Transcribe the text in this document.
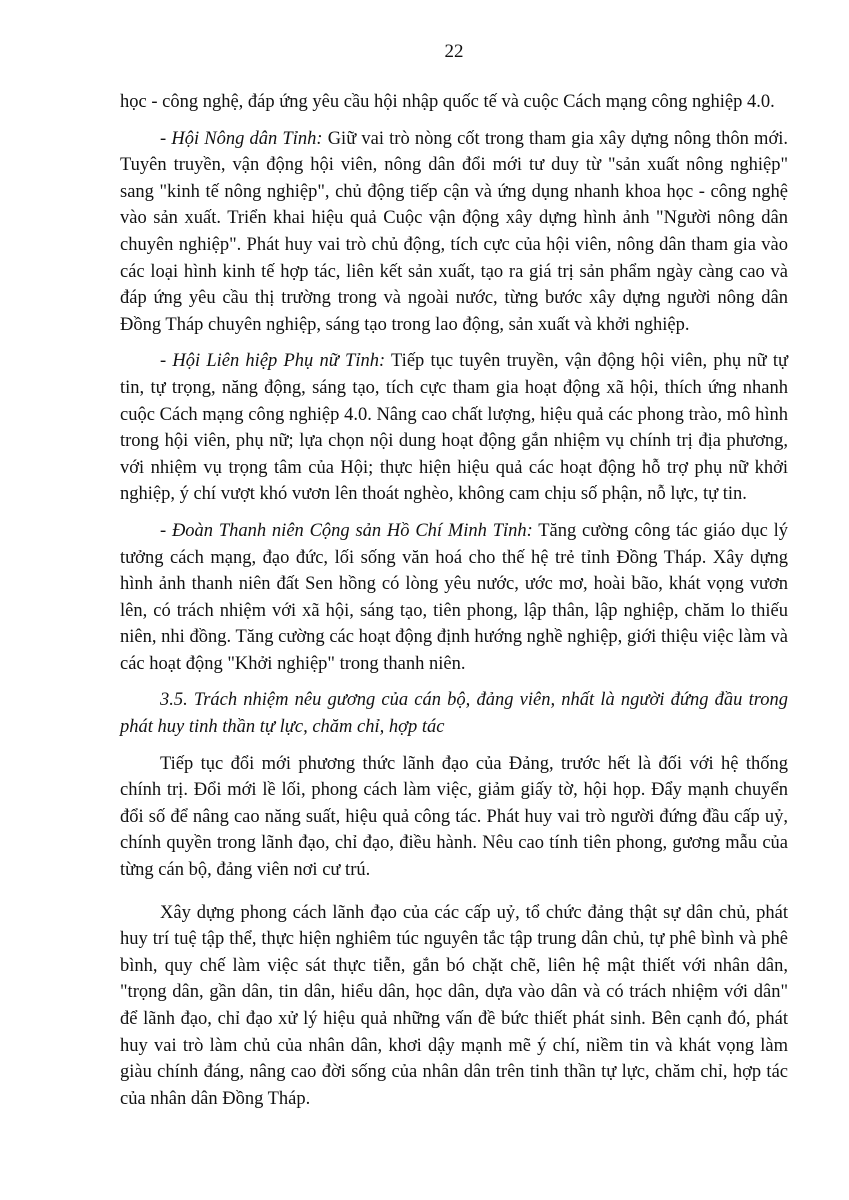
22

học - công nghệ, đáp ứng yêu cầu hội nhập quốc tế và cuộc Cách mạng công nghiệp 4.0.

- Hội Nông dân Tỉnh: Giữ vai trò nòng cốt trong tham gia xây dựng nông thôn mới. Tuyên truyền, vận động hội viên, nông dân đổi mới tư duy từ "sản xuất nông nghiệp" sang "kinh tế nông nghiệp", chủ động tiếp cận và ứng dụng nhanh khoa học - công nghệ vào sản xuất. Triển khai hiệu quả Cuộc vận động xây dựng hình ảnh "Người nông dân chuyên nghiệp". Phát huy vai trò chủ động, tích cực của hội viên, nông dân tham gia vào các loại hình kinh tế hợp tác, liên kết sản xuất, tạo ra giá trị sản phẩm ngày càng cao và đáp ứng yêu cầu thị trường trong và ngoài nước, từng bước xây dựng người nông dân Đồng Tháp chuyên nghiệp, sáng tạo trong lao động, sản xuất và khởi nghiệp.

- Hội Liên hiệp Phụ nữ Tỉnh: Tiếp tục tuyên truyền, vận động hội viên, phụ nữ tự tin, tự trọng, năng động, sáng tạo, tích cực tham gia hoạt động xã hội, thích ứng nhanh cuộc Cách mạng công nghiệp 4.0. Nâng cao chất lượng, hiệu quả các phong trào, mô hình trong hội viên, phụ nữ; lựa chọn nội dung hoạt động gắn nhiệm vụ chính trị địa phương, với nhiệm vụ trọng tâm của Hội; thực hiện hiệu quả các hoạt động hỗ trợ phụ nữ khởi nghiệp, ý chí vượt khó vươn lên thoát nghèo, không cam chịu số phận, nỗ lực, tự tin.

- Đoàn Thanh niên Cộng sản Hồ Chí Minh Tỉnh: Tăng cường công tác giáo dục lý tưởng cách mạng, đạo đức, lối sống văn hoá cho thế hệ trẻ tỉnh Đồng Tháp. Xây dựng hình ảnh thanh niên đất Sen hồng có lòng yêu nước, ước mơ, hoài bão, khát vọng vươn lên, có trách nhiệm với xã hội, sáng tạo, tiên phong, lập thân, lập nghiệp, chăm lo thiếu niên, nhi đồng. Tăng cường các hoạt động định hướng nghề nghiệp, giới thiệu việc làm và các hoạt động "Khởi nghiệp" trong thanh niên.

3.5. Trách nhiệm nêu gương của cán bộ, đảng viên, nhất là người đứng đầu trong phát huy tinh thần tự lực, chăm chỉ, hợp tác

Tiếp tục đổi mới phương thức lãnh đạo của Đảng, trước hết là đối với hệ thống chính trị. Đổi mới lề lối, phong cách làm việc, giảm giấy tờ, hội họp. Đẩy mạnh chuyển đổi số để nâng cao năng suất, hiệu quả công tác. Phát huy vai trò người đứng đầu cấp uỷ, chính quyền trong lãnh đạo, chỉ đạo, điều hành. Nêu cao tính tiên phong, gương mẫu của từng cán bộ, đảng viên nơi cư trú.

Xây dựng phong cách lãnh đạo của các cấp uỷ, tổ chức đảng thật sự dân chủ, phát huy trí tuệ tập thể, thực hiện nghiêm túc nguyên tắc tập trung dân chủ, tự phê bình và phê bình, quy chế làm việc sát thực tiễn, gắn bó chặt chẽ, liên hệ mật thiết với nhân dân, "trọng dân, gần dân, tin dân, hiểu dân, học dân, dựa vào dân và có trách nhiệm với dân" để lãnh đạo, chỉ đạo xử lý hiệu quả những vấn đề bức thiết phát sinh. Bên cạnh đó, phát huy vai trò làm chủ của nhân dân, khơi dậy mạnh mẽ ý chí, niềm tin và khát vọng làm giàu chính đáng, nâng cao đời sống của nhân dân trên tinh thần tự lực, chăm chỉ, hợp tác của nhân dân Đồng Tháp.
